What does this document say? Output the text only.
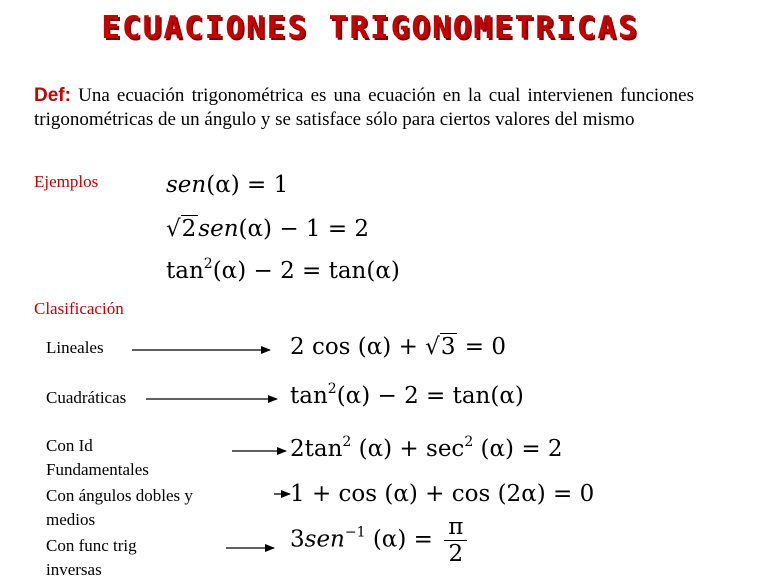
ECUACIONES TRIGONOMETRICAS
Def: Una ecuación trigonométrica es una ecuación en la cual intervienen funciones trigonométricas de un ángulo y se satisface sólo para ciertos valores del mismo
Ejemplos	sen(α) = 1
√2sen(α) − 1 = 2
$\tan^2(\alpha) - 2 = \tan(\alpha)$
Clasificación
Lineales
Cuadráticas
Con Id Fundamentales
Con ángulos dobles y medios
Con func trig inversas
2 cos (α) + √3 = 0
$\tan^2(\alpha) - 2 = \tan(\alpha)$
$2\tan^2$ $(\alpha) + \sec^2 (\alpha) = 2$
1 + cos (α) + cos (2α) = 0
3sen$^{-1}$ $(\alpha) = \frac{\pi}{2}$
